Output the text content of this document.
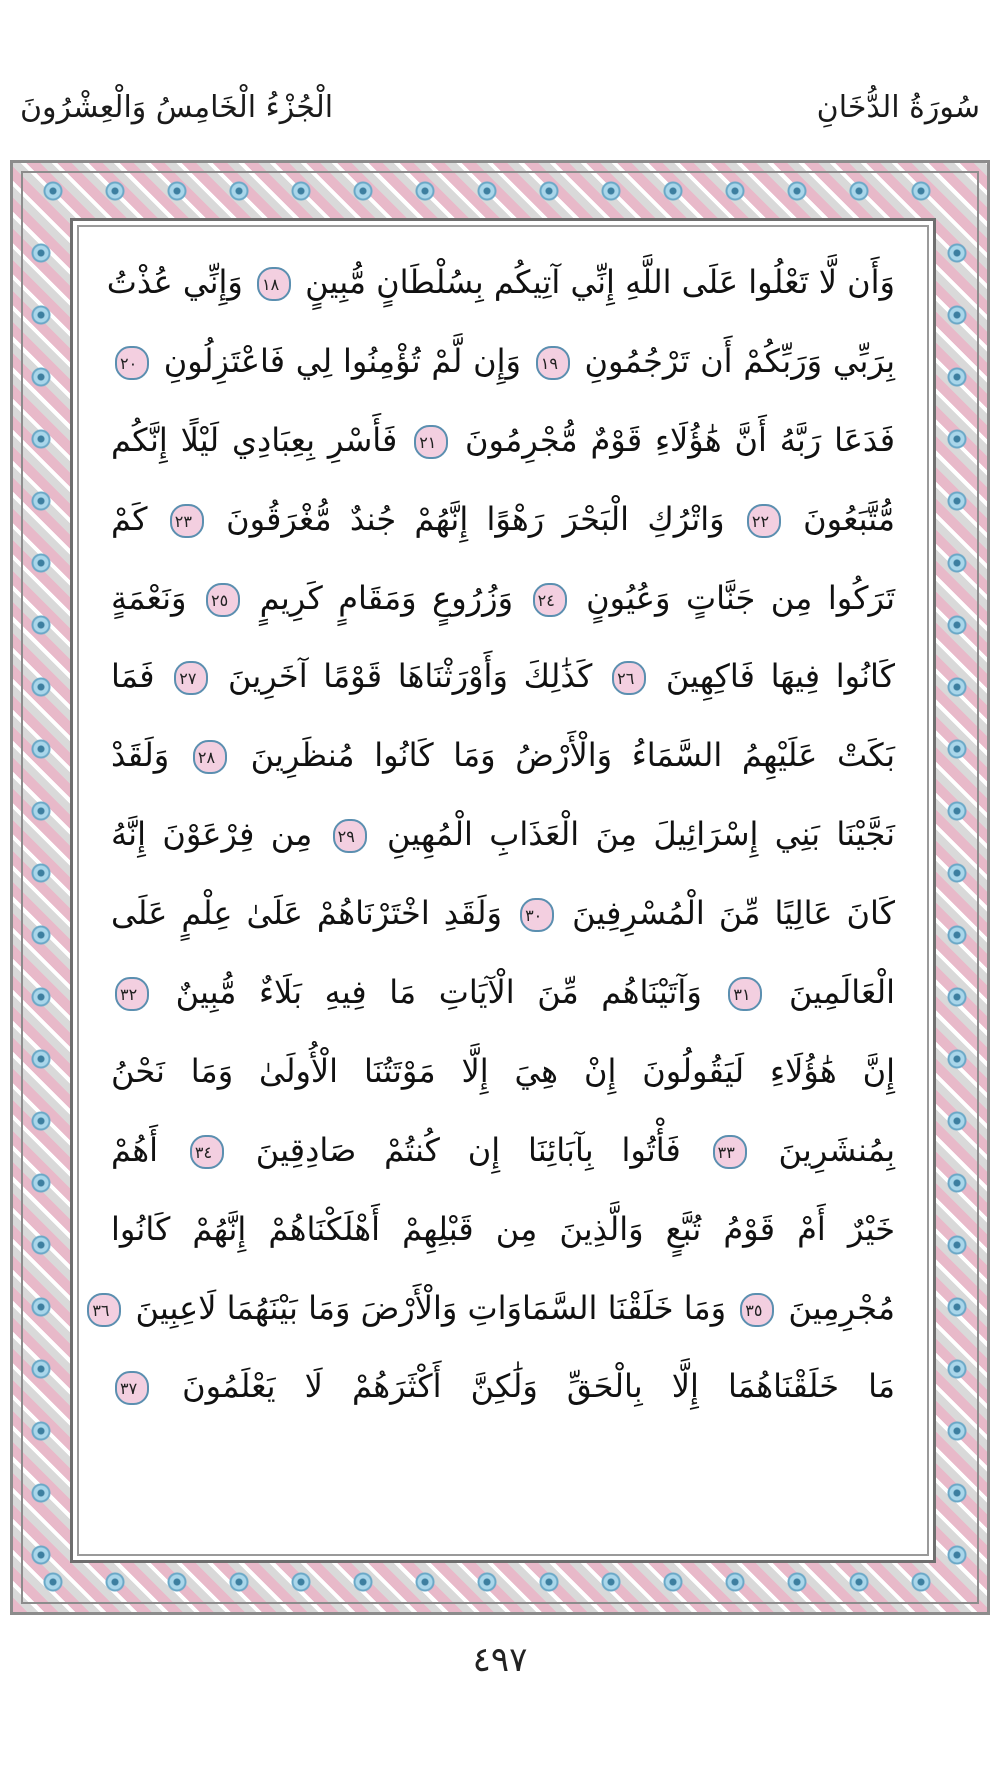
سُورَةُ الدُّخَانِ
الْجُزْءُ الْخَامِسُ وَالْعِشْرُونَ
وَأَن لَّا تَعْلُوا عَلَى اللَّهِ إِنِّي آتِيكُم بِسُلْطَانٍ مُّبِينٍ ١٨ وَإِنِّي عُذْتُ
بِرَبِّي وَرَبِّكُمْ أَن تَرْجُمُونِ ١٩ وَإِن لَّمْ تُؤْمِنُوا لِي فَاعْتَزِلُونِ ٢٠
فَدَعَا رَبَّهُ أَنَّ هَٰؤُلَاءِ قَوْمٌ مُّجْرِمُونَ ٢١ فَأَسْرِ بِعِبَادِي لَيْلًا إِنَّكُم
مُّتَّبَعُونَ ٢٢ وَاتْرُكِ الْبَحْرَ رَهْوًا إِنَّهُمْ جُندٌ مُّغْرَقُونَ ٢٣ كَمْ
تَرَكُوا مِن جَنَّاتٍ وَعُيُونٍ ٢٤ وَزُرُوعٍ وَمَقَامٍ كَرِيمٍ ٢٥ وَنَعْمَةٍ
كَانُوا فِيهَا فَاكِهِينَ ٢٦ كَذَٰلِكَ وَأَوْرَثْنَاهَا قَوْمًا آخَرِينَ ٢٧ فَمَا
بَكَتْ عَلَيْهِمُ السَّمَاءُ وَالْأَرْضُ وَمَا كَانُوا مُنظَرِينَ ٢٨ وَلَقَدْ
نَجَّيْنَا بَنِي إِسْرَائِيلَ مِنَ الْعَذَابِ الْمُهِينِ ٢٩ مِن فِرْعَوْنَ إِنَّهُ
كَانَ عَالِيًا مِّنَ الْمُسْرِفِينَ ٣٠ وَلَقَدِ اخْتَرْنَاهُمْ عَلَىٰ عِلْمٍ عَلَى
الْعَالَمِينَ ٣١ وَآتَيْنَاهُم مِّنَ الْآيَاتِ مَا فِيهِ بَلَاءٌ مُّبِينٌ ٣٢
إِنَّ هَٰؤُلَاءِ لَيَقُولُونَ إِنْ هِيَ إِلَّا مَوْتَتُنَا الْأُولَىٰ وَمَا نَحْنُ
بِمُنشَرِينَ ٣٣ فَأْتُوا بِآبَائِنَا إِن كُنتُمْ صَادِقِينَ ٣٤ أَهُمْ
خَيْرٌ أَمْ قَوْمُ تُبَّعٍ وَالَّذِينَ مِن قَبْلِهِمْ أَهْلَكْنَاهُمْ إِنَّهُمْ كَانُوا
مُجْرِمِينَ ٣٥ وَمَا خَلَقْنَا السَّمَاوَاتِ وَالْأَرْضَ وَمَا بَيْنَهُمَا لَاعِبِينَ ٣٦
مَا خَلَقْنَاهُمَا إِلَّا بِالْحَقِّ وَلَٰكِنَّ أَكْثَرَهُمْ لَا يَعْلَمُونَ ٣٧
٤٩٧
